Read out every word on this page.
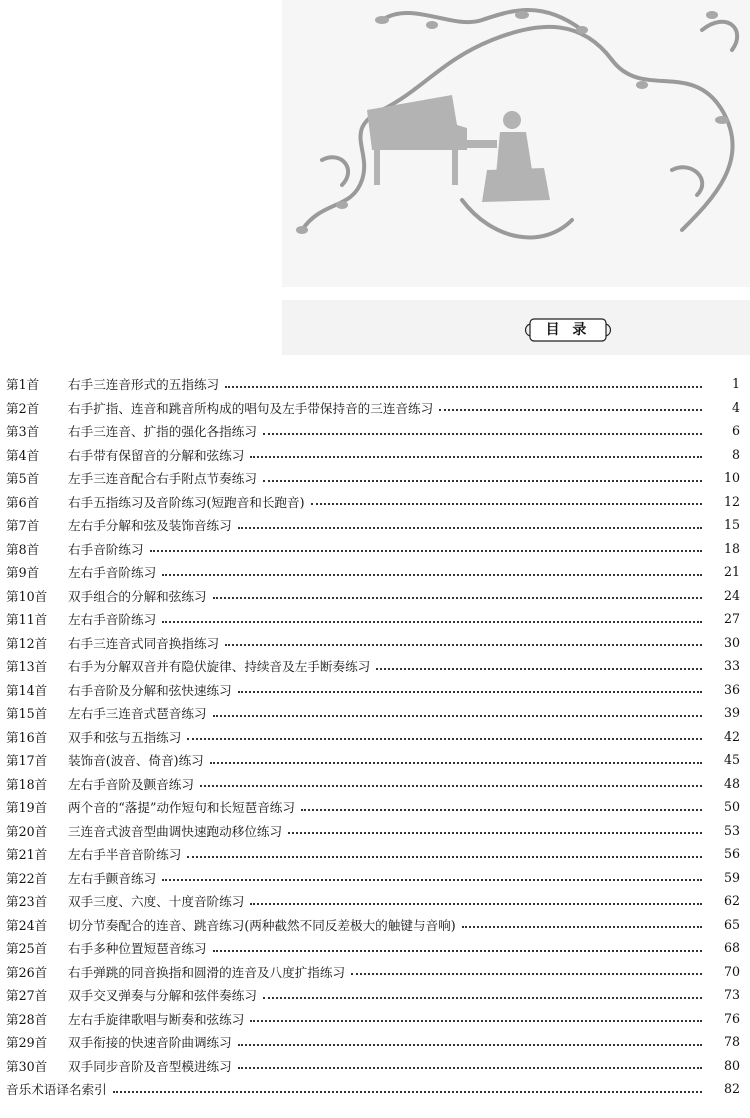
目 录
第1首	右手三连音形式的五指练习	1
第2首	右手扩指、连音和跳音所构成的唱句及左手带保持音的三连音练习	4
第3首	右手三连音、扩指的强化各指练习	6
第4首	右手带有保留音的分解和弦练习	8
第5首	左手三连音配合右手附点节奏练习	10
第6首	右手五指练习及音阶练习(短跑音和长跑音)	12
第7首	左右手分解和弦及装饰音练习	15
第8首	右手音阶练习	18
第9首	左右手音阶练习	21
第10首	双手组合的分解和弦练习	24
第11首	左右手音阶练习	27
第12首	右手三连音式同音换指练习	30
第13首	右手为分解双音并有隐伏旋律、持续音及左手断奏练习	33
第14首	右手音阶及分解和弦快速练习	36
第15首	左右手三连音式琶音练习	39
第16首	双手和弦与五指练习	42
第17首	装饰音(波音、倚音)练习	45
第18首	左右手音阶及颤音练习	48
第19首	两个音的“落提”动作短句和长短琶音练习	50
第20首	三连音式波音型曲调快速跑动移位练习	53
第21首	左右手半音音阶练习	56
第22首	左右手颤音练习	59
第23首	双手三度、六度、十度音阶练习	62
第24首	切分节奏配合的连音、跳音练习(两种截然不同反差极大的触键与音响)	65
第25首	右手多种位置短琶音练习	68
第26首	右手弹跳的同音换指和圆滑的连音及八度扩指练习	70
第27首	双手交叉弹奏与分解和弦伴奏练习	73
第28首	左右手旋律歌唱与断奏和弦练习	76
第29首	双手衔接的快速音阶曲调练习	78
第30首	双手同步音阶及音型模进练习	80
音乐术语译名索引	82
